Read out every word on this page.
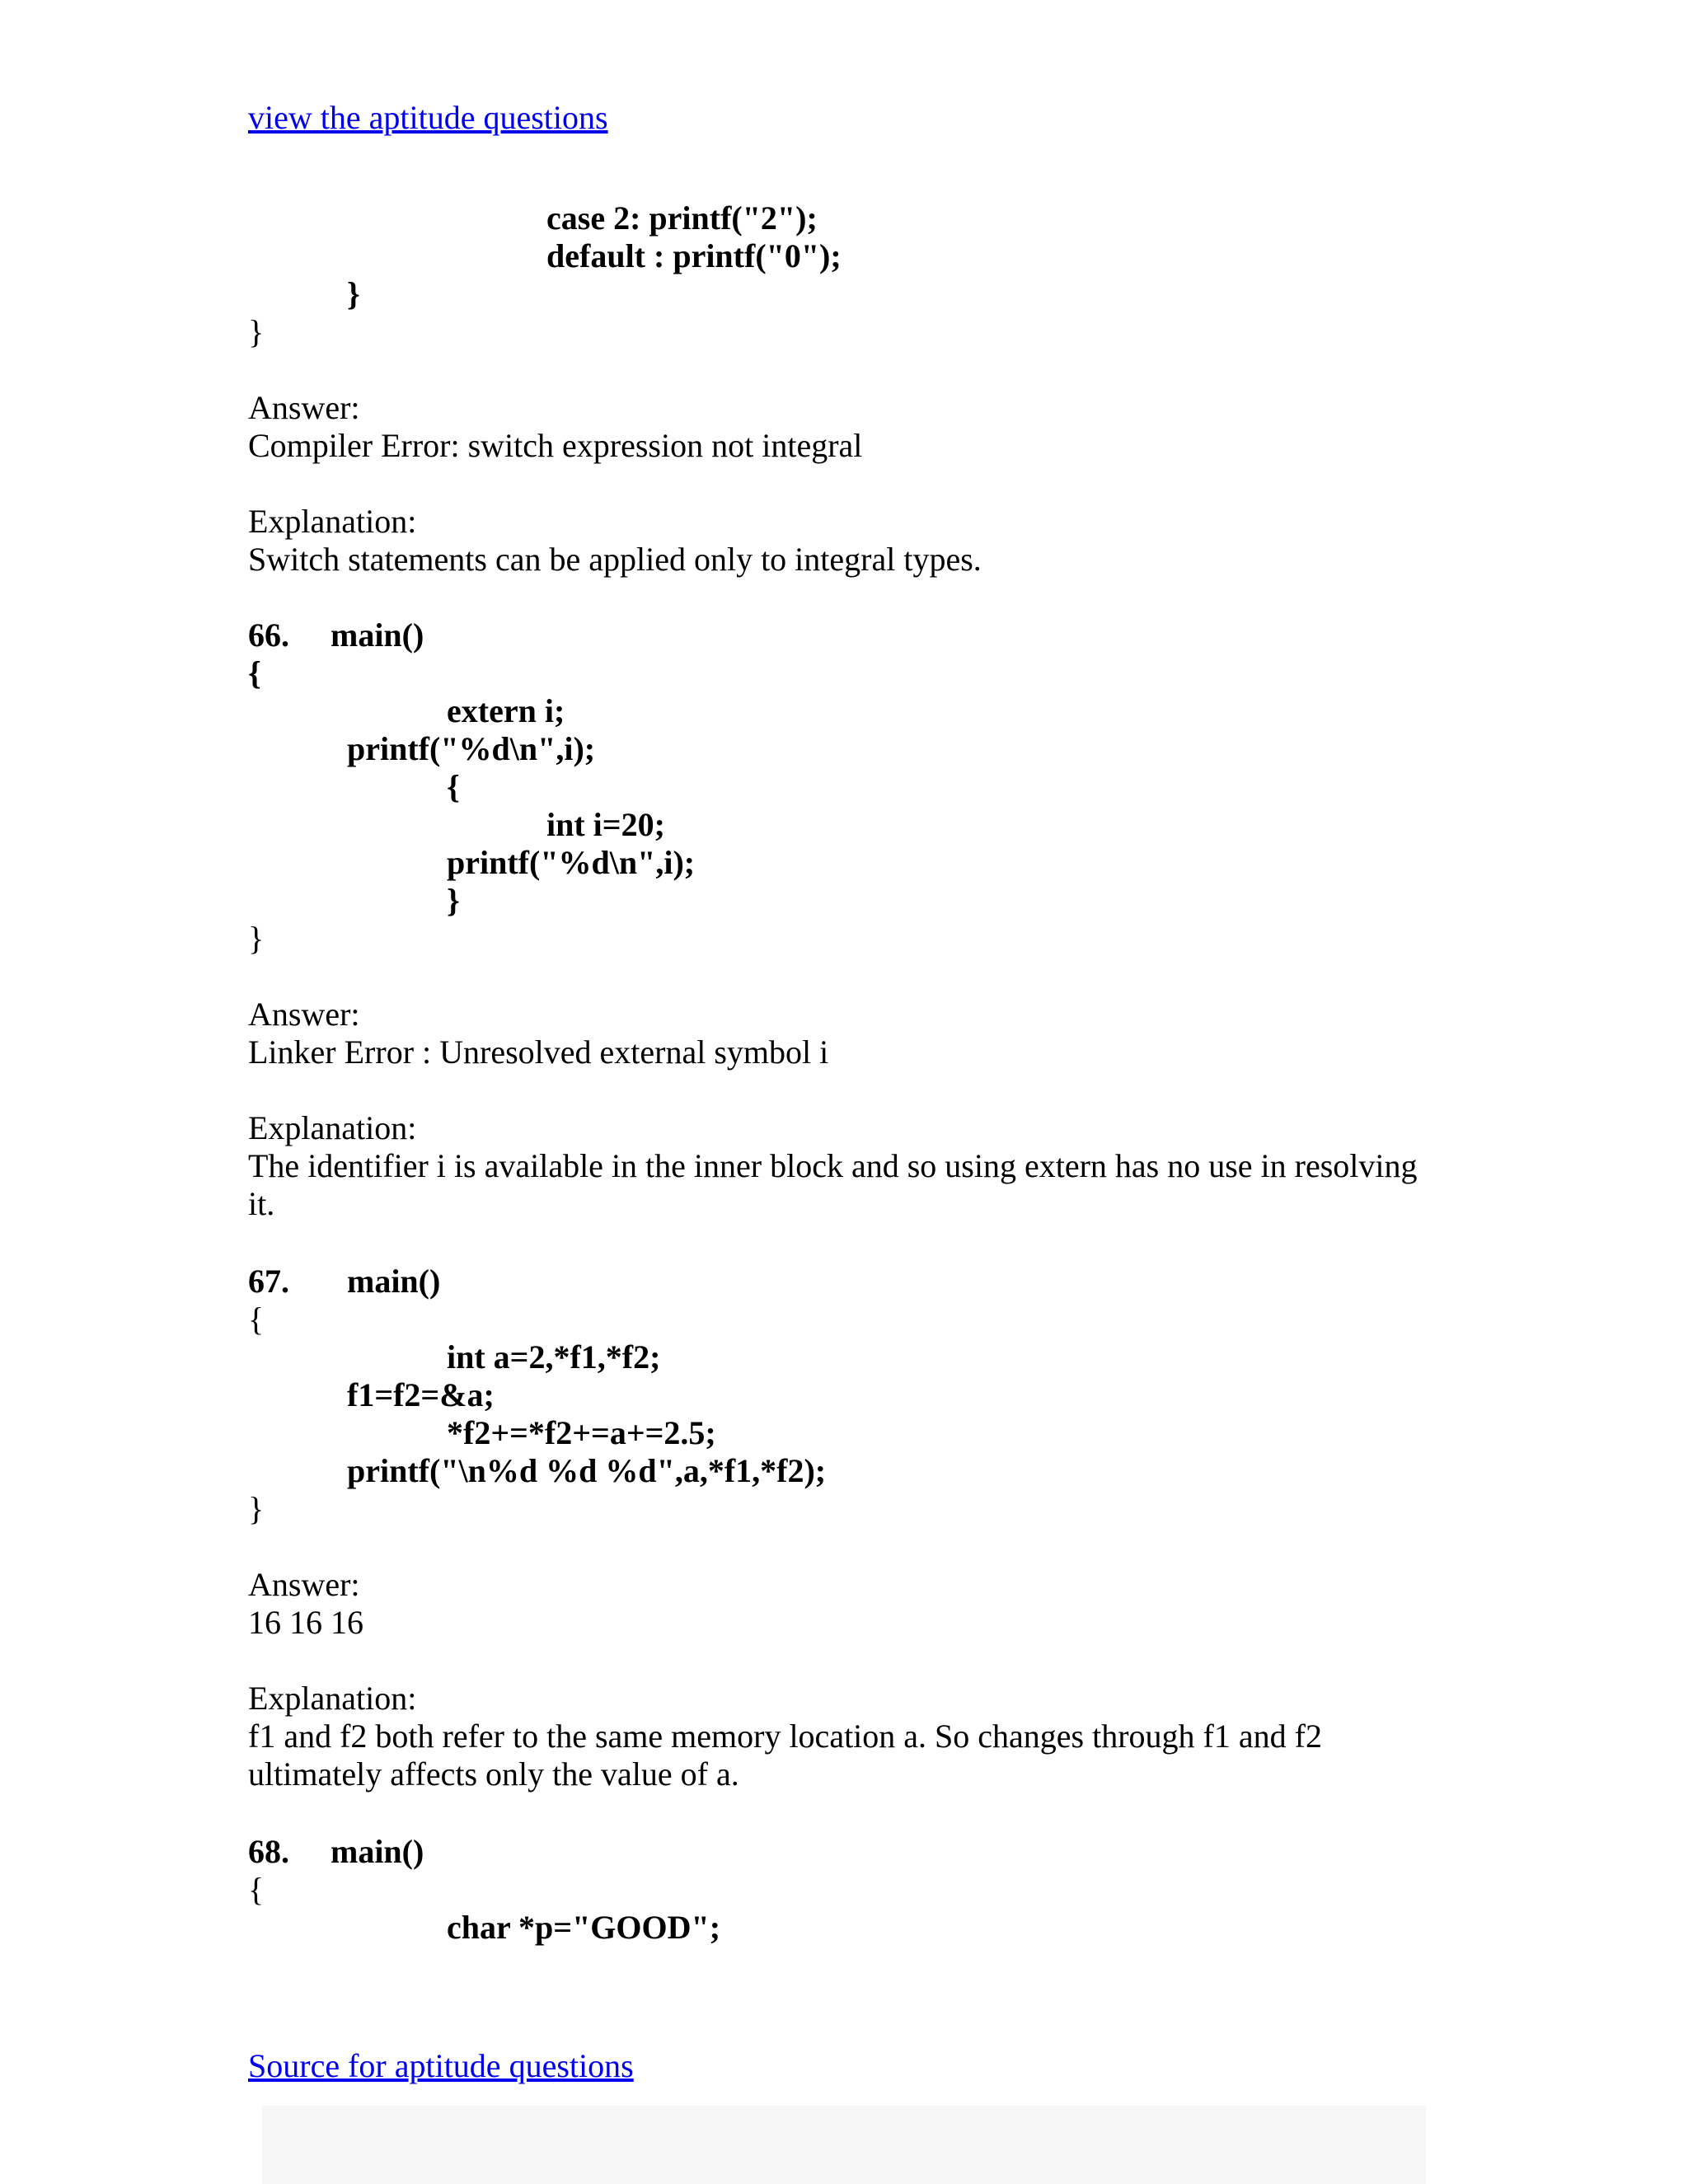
view the aptitude questions
case 2: printf("2");
default : printf("0");
}
}
Answer:
Compiler Error: switch expression not integral
Explanation:
Switch statements can be applied only to integral types.
66. main()
{
extern i;
printf("%d\n",i);
{
int i=20;
printf("%d\n",i);
}
}
Answer:
Linker Error : Unresolved external symbol i
Explanation:
The identifier i is available in the inner block and so using extern has no use in resolving
it.
67. main()
{
int a=2,*f1,*f2;
f1=f2=&a;
*f2+=*f2+=a+=2.5;
printf("\n%d %d %d",a,*f1,*f2);
}
Answer:
16 16 16
Explanation:
f1 and f2 both refer to the same memory location a. So changes through f1 and f2
ultimately affects only the value of a.
68. main()
{
char *p="GOOD";
Source for aptitude questions
